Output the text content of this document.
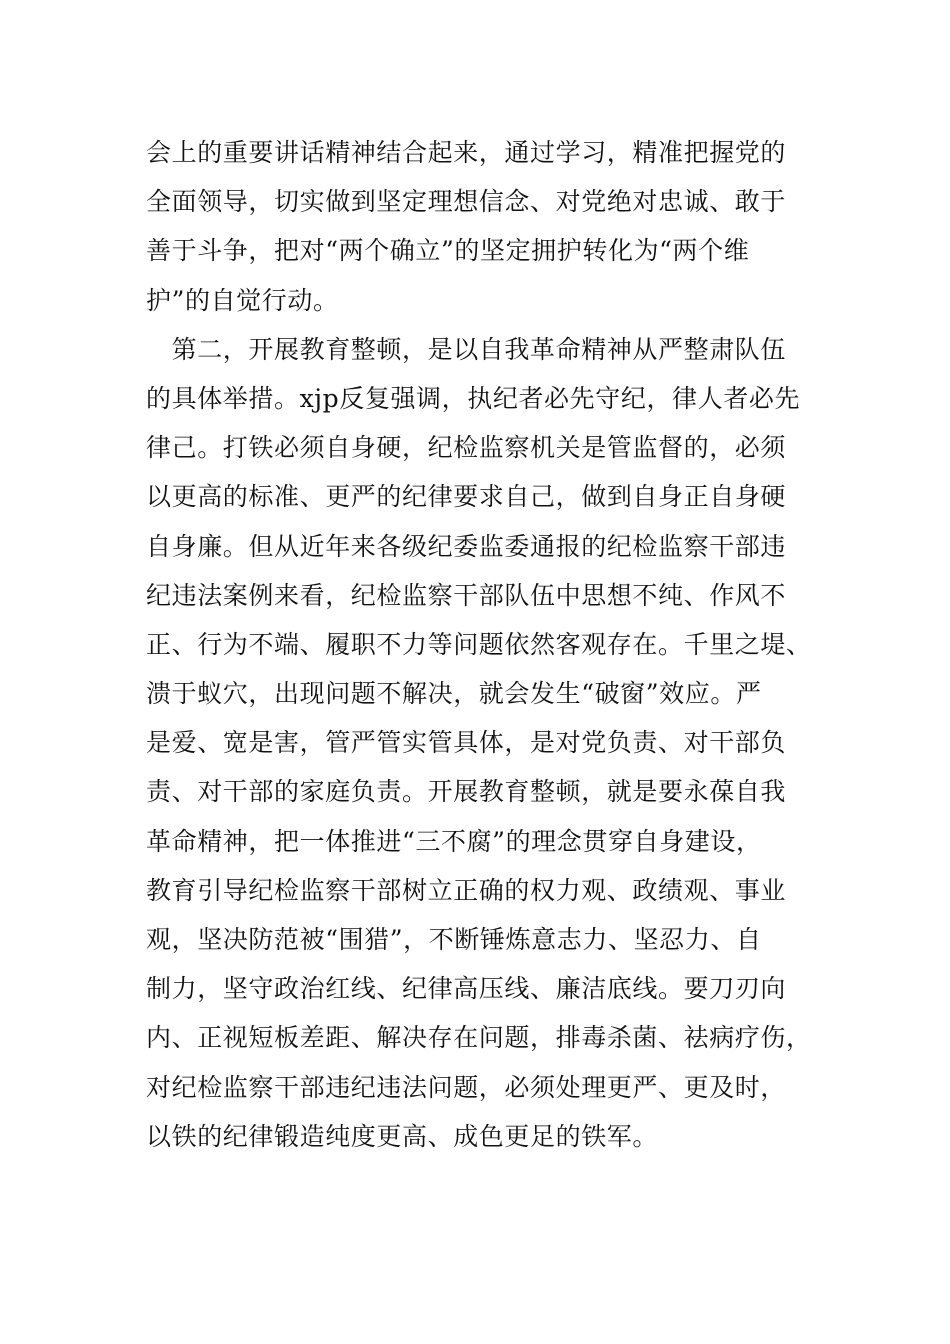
会上的重要讲话精神结合起来，通过学习，精准把握党的
全面领导，切实做到坚定理想信念、对党绝对忠诚、敢于
善于斗争，把对“两个确立”的坚定拥护转化为“两个维
护”的自觉行动。
　第二，开展教育整顿，是以自我革命精神从严整肃队伍
的具体举措。xjp反复强调，执纪者必先守纪，律人者必先
律己。打铁必须自身硬，纪检监察机关是管监督的，必须
以更高的标准、更严的纪律要求自己，做到自身正自身硬
自身廉。但从近年来各级纪委监委通报的纪检监察干部违
纪违法案例来看，纪检监察干部队伍中思想不纯、作风不
正、行为不端、履职不力等问题依然客观存在。千里之堤、
溃于蚁穴，出现问题不解决，就会发生“破窗”效应。严
是爱、宽是害，管严管实管具体，是对党负责、对干部负
责、对干部的家庭负责。开展教育整顿，就是要永葆自我
革命精神，把一体推进“三不腐”的理念贯穿自身建设，
教育引导纪检监察干部树立正确的权力观、政绩观、事业
观，坚决防范被“围猎”，不断锤炼意志力、坚忍力、自
制力，坚守政治红线、纪律高压线、廉洁底线。要刀刃向
内、正视短板差距、解决存在问题，排毒杀菌、祛病疗伤，
对纪检监察干部违纪违法问题，必须处理更严、更及时，
以铁的纪律锻造纯度更高、成色更足的铁军。
